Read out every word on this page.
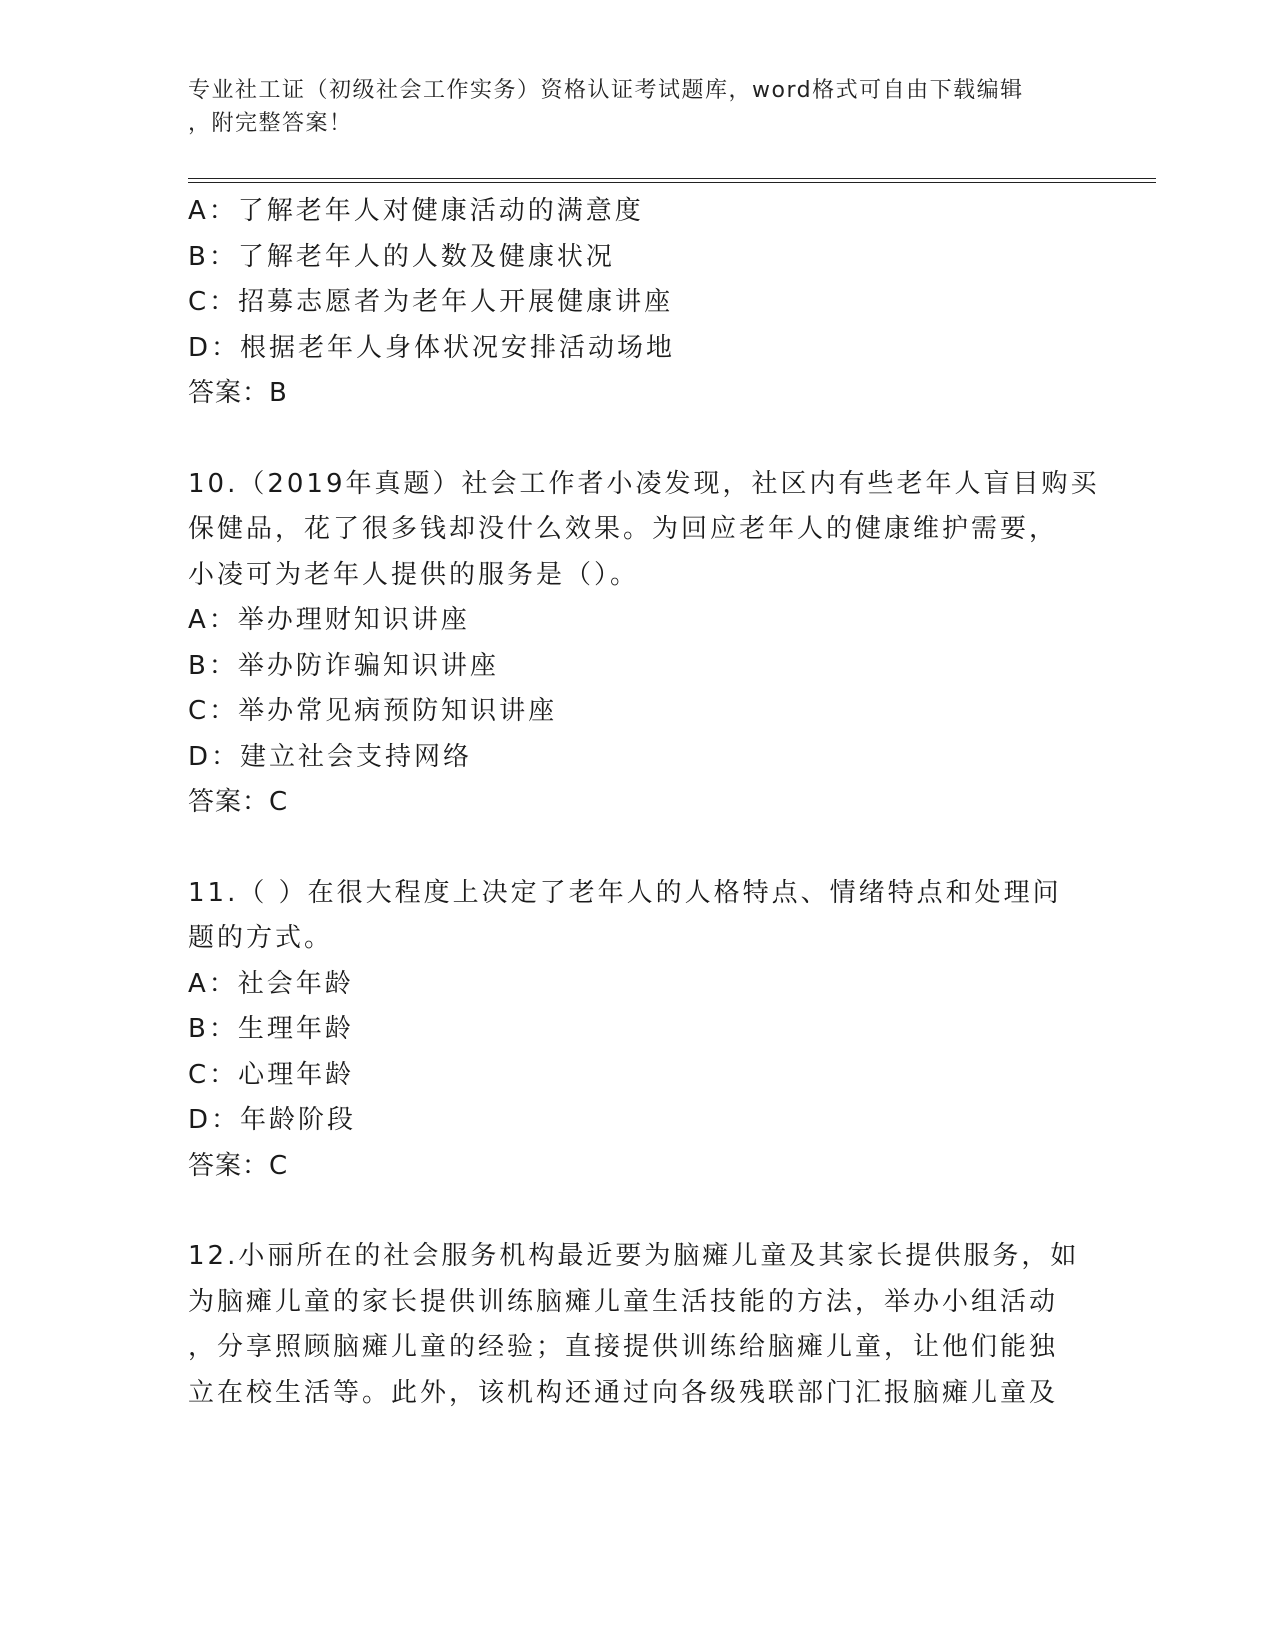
专业社工证（初级社会工作实务）资格认证考试题库，word格式可自由下载编辑
，附完整答案！
A：了解老年人对健康活动的满意度
B：了解老年人的人数及健康状况
C：招募志愿者为老年人开展健康讲座
D：根据老年人身体状况安排活动场地
答案：B
10.（2019年真题）社会工作者小凌发现，社区内有些老年人盲目购买
保健品，花了很多钱却没什么效果。为回应老年人的健康维护需要，
小凌可为老年人提供的服务是（）。
A：举办理财知识讲座
B：举办防诈骗知识讲座
C：举办常见病预防知识讲座
D：建立社会支持网络
答案：C
11.（ ）在很大程度上决定了老年人的人格特点、情绪特点和处理问
题的方式。
A：社会年龄
B：生理年龄
C：心理年龄
D：年龄阶段
答案：C
12.小丽所在的社会服务机构最近要为脑瘫儿童及其家长提供服务，如
为脑瘫儿童的家长提供训练脑瘫儿童生活技能的方法，举办小组活动
，分享照顾脑瘫儿童的经验；直接提供训练给脑瘫儿童，让他们能独
立在校生活等。此外，该机构还通过向各级残联部门汇报脑瘫儿童及
